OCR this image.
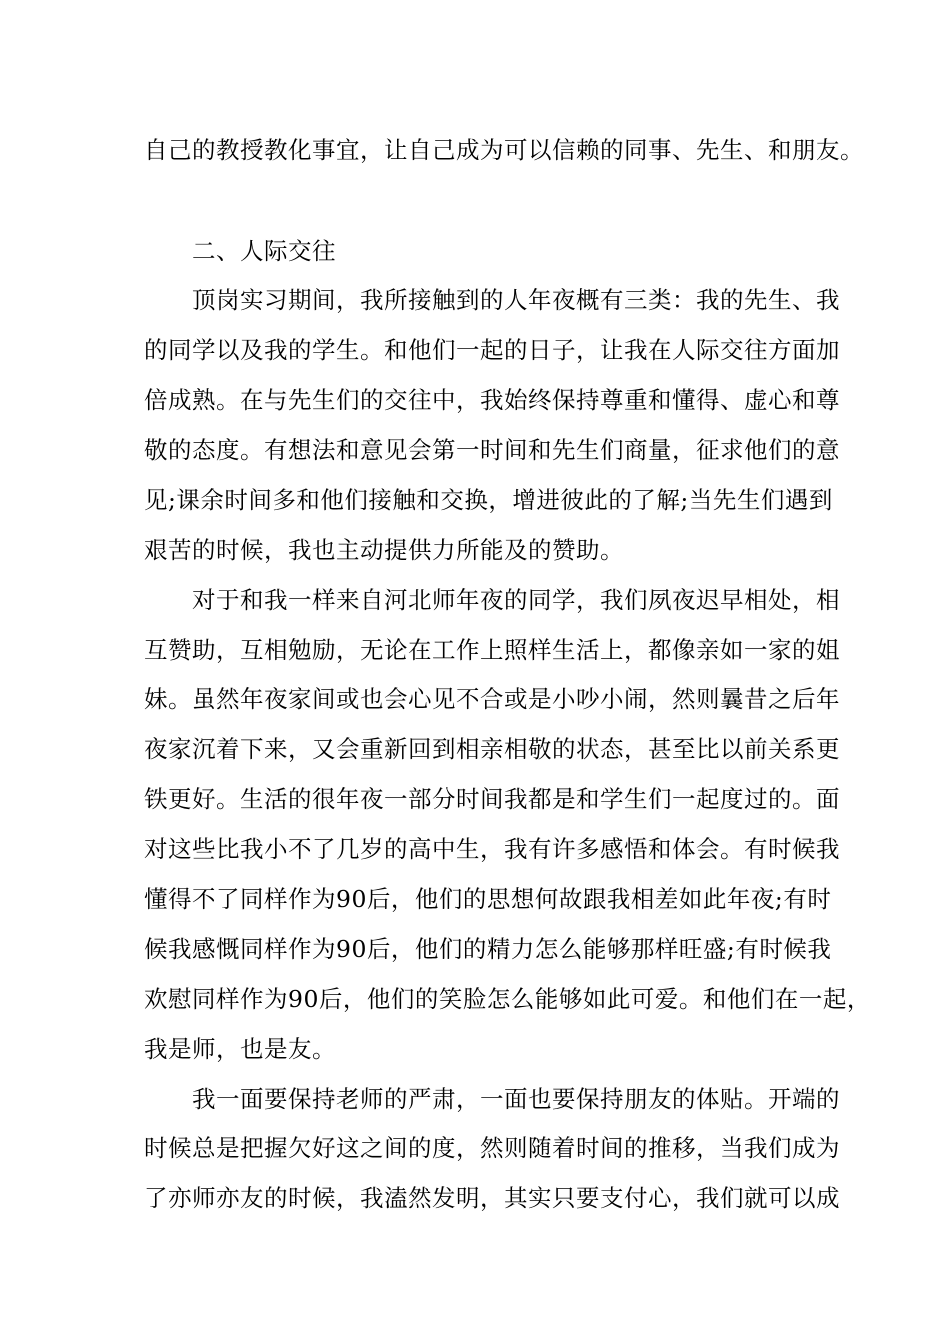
自己的教授教化事宜，让自己成为可以信赖的同事、先生、和朋友。
二、人际交往
顶岗实习期间，我所接触到的人年夜概有三类：我的先生、我
的同学以及我的学生。和他们一起的日子，让我在人际交往方面加
倍成熟。在与先生们的交往中，我始终保持尊重和懂得、虚心和尊
敬的态度。有想法和意见会第一时间和先生们商量，征求他们的意
见;课余时间多和他们接触和交换，增进彼此的了解;当先生们遇到
艰苦的时候，我也主动提供力所能及的赞助。
对于和我一样来自河北师年夜的同学，我们夙夜迟早相处，相
互赞助，互相勉励，无论在工作上照样生活上，都像亲如一家的姐
妹。虽然年夜家间或也会心见不合或是小吵小闹，然则曩昔之后年
夜家沉着下来，又会重新回到相亲相敬的状态，甚至比以前关系更
铁更好。生活的很年夜一部分时间我都是和学生们一起度过的。面
对这些比我小不了几岁的高中生，我有许多感悟和体会。有时候我
懂得不了同样作为90后，他们的思想何故跟我相差如此年夜;有时
候我感慨同样作为90后，他们的精力怎么能够那样旺盛;有时候我
欢慰同样作为90后，他们的笑脸怎么能够如此可爱。和他们在一起，
我是师，也是友。
我一面要保持老师的严肃，一面也要保持朋友的体贴。开端的
时候总是把握欠好这之间的度，然则随着时间的推移，当我们成为
了亦师亦友的时候，我溘然发明，其实只要支付心，我们就可以成
